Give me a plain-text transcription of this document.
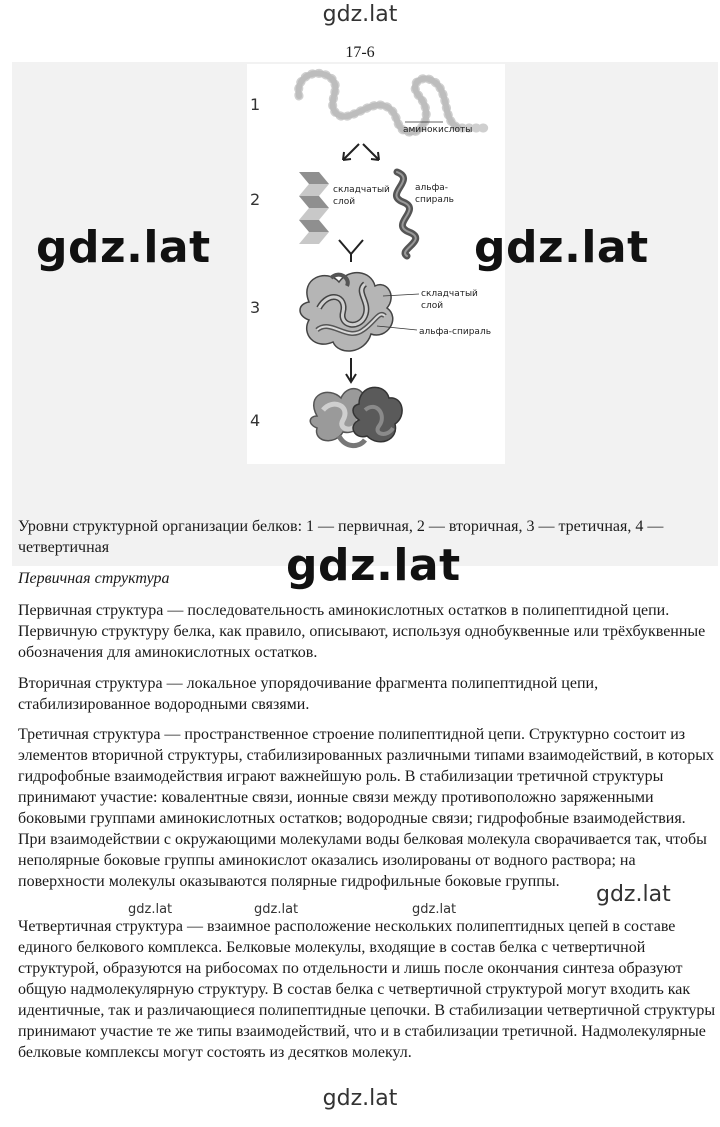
gdz.lat
17-6
1
2
3
4
аминокислоты
складчатый
слой
альфа-
спираль
складчатый
слой
альфа-спираль
Уровни структурной организации белков: 1 — первичная, 2 — вторичная, 3 — третичная, 4 — четвертичная
Первичная структура

Первичная структура — последовательность аминокислотных остатков в полипептидной цепи. Первичную структуру белка, как правило, описывают, используя однобуквенные или трёхбуквенные обозначения для аминокислотных остатков.

Вторичная структура — локальное упорядочивание фрагмента полипептидной цепи, стабилизированное водородными связями.

Третичная структура — пространственное строение полипептидной цепи. Структурно состоит из элементов вторичной структуры, стабилизированных различными типами взаимодействий, в которых гидрофобные взаимодействия играют важнейшую роль. В стабилизации третичной структуры принимают участие: ковалентные связи, ионные связи между противоположно заряженными боковыми группами аминокислотных остатков; водородные связи; гидрофобные взаимодействия. При взаимодействии с окружающими молекулами воды белковая молекула сворачивается так, чтобы неполярные боковые группы аминокислот оказались изолированы от водного раствора; на поверхности молекулы оказываются полярные гидрофильные боковые группы.

Четвертичная структура — взаимное расположение нескольких полипептидных цепей в составе единого белкового комплекса. Белковые молекулы, входящие в состав белка с четвертичной структурой, образуются на рибосомах по отдельности и лишь после окончания синтеза образуют общую надмолекулярную структуру. В состав белка с четвертичной структурой могут входить как идентичные, так и различающиеся полипептидные цепочки. В стабилизации четвертичной структуры принимают участие те же типы взаимодействий, что и в стабилизации третичной. Надмолекулярные белковые комплексы могут состоять из десятков молекул.

gdz.lat	gdz.lat
gdz.lat
gdz.lat
gdz.lat	gdz.lat	gdz.lat
gdz.lat
